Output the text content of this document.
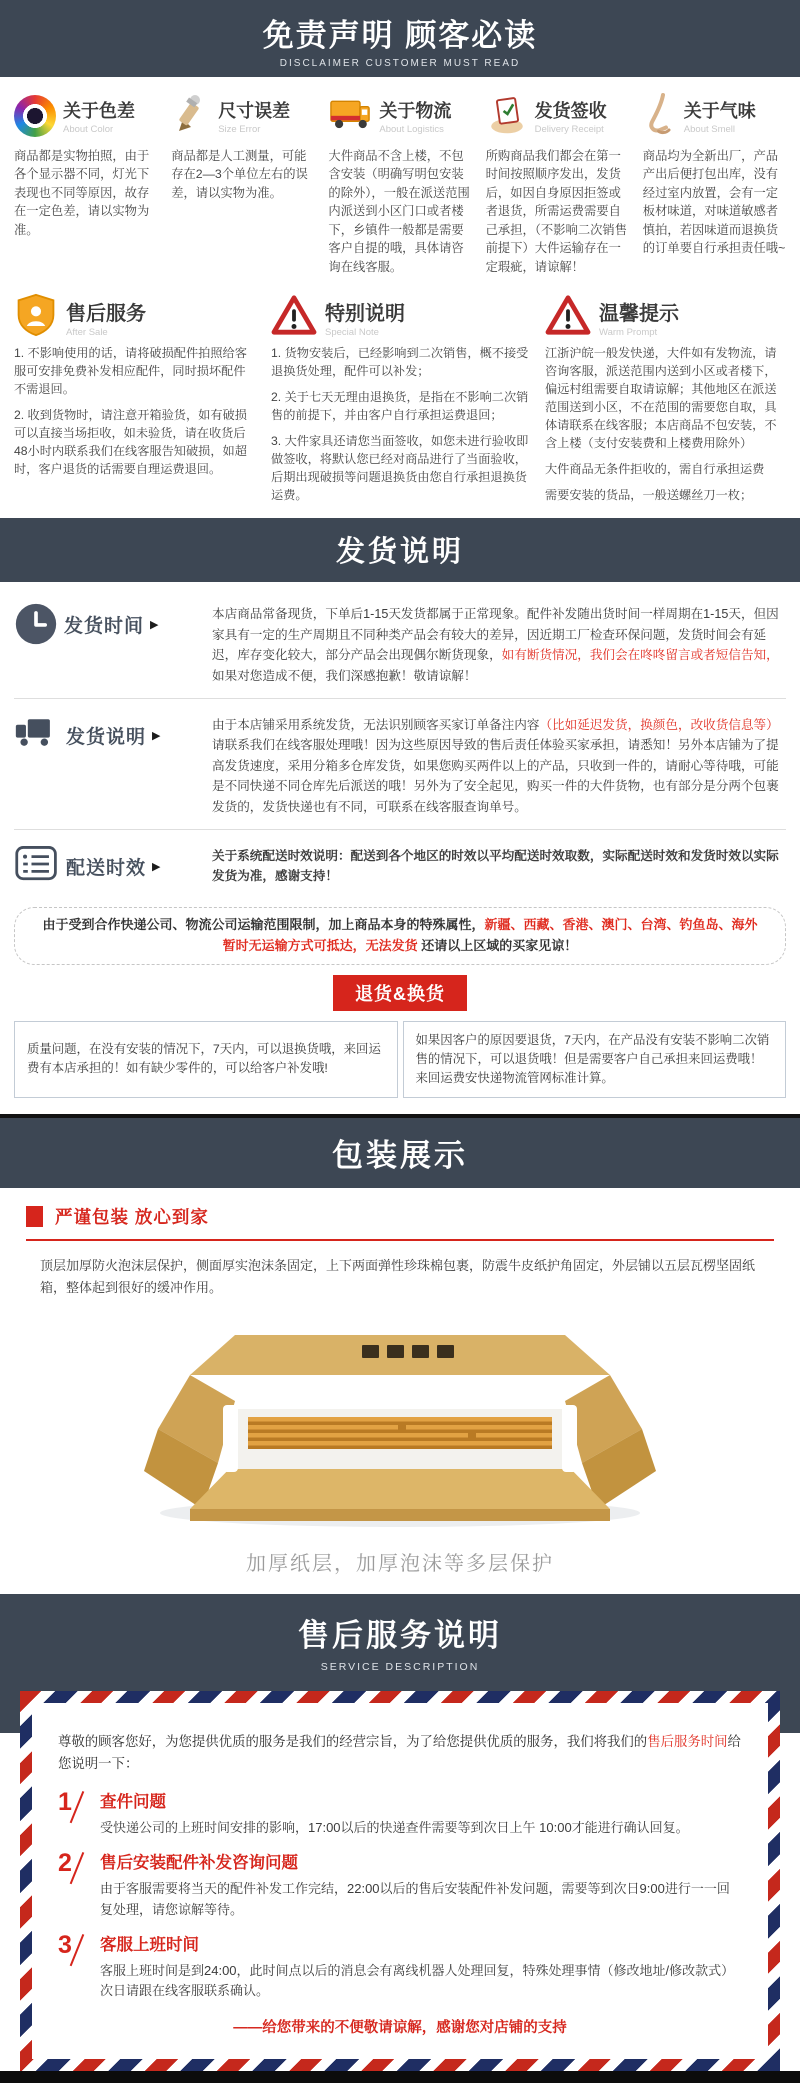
免责声明 顾客必读
DISCLAIMER CUSTOMER MUST READ
关于色差
About Color
商品都是实物拍照，由于各个显示器不同，灯光下表现也不同等原因，故存在一定色差，请以实物为准。
尺寸误差
Size Error
商品都是人工测量，可能存在2—3个单位左右的误差，请以实物为准。
关于物流
About Logistics
大件商品不含上楼，不包含安装（明确写明包安装的除外），一般在派送范围内派送到小区门口或者楼下，乡镇件一般都是需要客户自提的哦，具体请咨询在线客服。
发货签收
Delivery Receipt
所购商品我们都会在第一时间按照顺序发出，发货后，如因自身原因拒签或者退货，所需运费需要自己承担，（不影响二次销售前提下）大件运输存在一定瑕疵，请谅解！
关于气味
About Smell
商品均为全新出厂，产品产出后便打包出库，没有经过室内放置，会有一定板材味道，对味道敏感者慎拍，若因味道而退换货的订单要自行承担责任哦~
售后服务
After Sale

1. 不影响使用的话，请将破损配件拍照给客服可安排免费补发相应配件，同时损坏配件不需退回。

2. 收到货物时，请注意开箱验货，如有破损可以直接当场拒收，如未验货，请在收货后48小时内联系我们在线客服告知破损，如超时，客户退货的话需要自理运费退回。

特别说明
Special Note

1. 货物安装后，已经影响到二次销售，概不接受退换货处理，配件可以补发；

2. 关于七天无理由退换货，是指在不影响二次销售的前提下，并由客户自行承担运费退回；

3. 大件家具还请您当面签收，如您未进行验收即做签收，将默认您已经对商品进行了当面验收，后期出现破损等问题退换货由您自行承担退换货运费。

温馨提示
Warm Prompt

江浙沪皖一般发快递，大件如有发物流，请咨询客服，派送范围内送到小区或者楼下，偏远村组需要自取请谅解；其他地区在派送范围送到小区，不在范围的需要您自取，具体请联系在线客服；本店商品不包安装，不含上楼（支付安装费和上楼费用除外）

大件商品无条件拒收的，需自行承担运费

需要安装的货品，一般送螺丝刀一枚；

发货说明
发货时间 ▶
本店商品常备现货，下单后1-15天发货都属于正常现象。配件补发随出货时间一样周期在1-15天，但因家具有一定的生产周期且不同种类产品会有较大的差异，因近期工厂检查环保问题，发货时间会有延迟，库存变化较大，部分产品会出现偶尔断货现象，如有断货情况，我们会在咚咚留言或者短信告知，如果对您造成不便，我们深感抱歉！敬请谅解！
发货说明 ▶
由于本店铺采用系统发货，无法识别顾客买家订单备注内容（比如延迟发货，换颜色，改收货信息等）请联系我们在线客服处理哦！因为这些原因导致的售后责任体验买家承担，请悉知！另外本店铺为了提高发货速度，采用分箱多仓库发货，如果您购买两件以上的产品，只收到一件的，请耐心等待哦，可能是不同快递不同仓库先后派送的哦！另外为了安全起见，购买一件的大件货物，也有部分是分两个包裹发货的，发货快递也有不同，可联系在线客服查询单号。
配送时效 ▶
关于系统配送时效说明：配送到各个地区的时效以平均配送时效取数，实际配送时效和发货时效以实际发货为准，感谢支持！
由于受到合作快递公司、物流公司运输范围限制，加上商品本身的特殊属性，新疆、西藏、香港、澳门、台湾、钓鱼岛、海外暂时无运输方式可抵达，无法发货 还请以上区域的买家见谅！
退货&换货
质量问题，在没有安装的情况下，7天内，可以退换货哦，来回运费有本店承担的！如有缺少零件的，可以给客户补发哦!
如果因客户的原因要退货，7天内，在产品没有安装不影响二次销售的情况下，可以退货哦！但是需要客户自己承担来回运费哦！来回运费安快递物流管网标准计算。
包装展示
严谨包装 放心到家
顶层加厚防火泡沫层保护，侧面厚实泡沫条固定，上下两面弹性珍珠棉包裹，防震牛皮纸护角固定，外层铺以五层瓦楞坚固纸箱，整体起到很好的缓冲作用。
加厚纸层，加厚泡沫等多层保护
售后服务说明
SERVICE DESCRIPTION
尊敬的顾客您好，为您提供优质的服务是我们的经营宗旨，为了给您提供优质的服务，我们将我们的售后服务时间给您说明一下：
1	查件问题
受快递公司的上班时间安排的影响，17:00以后的快递查件需要等到次日上午 10:00才能进行确认回复。
2	售后安装配件补发咨询问题
由于客服需要将当天的配件补发工作完结，22:00以后的售后安装配件补发问题，需要等到次日9:00进行一一回复处理，请您谅解等待。
3	客服上班时间
客服上班时间是到24:00，此时间点以后的消息会有离线机器人处理回复，特殊处理事情（修改地址/修改款式）次日请跟在线客服联系确认。
——给您带来的不便敬请谅解，感谢您对店铺的支持
